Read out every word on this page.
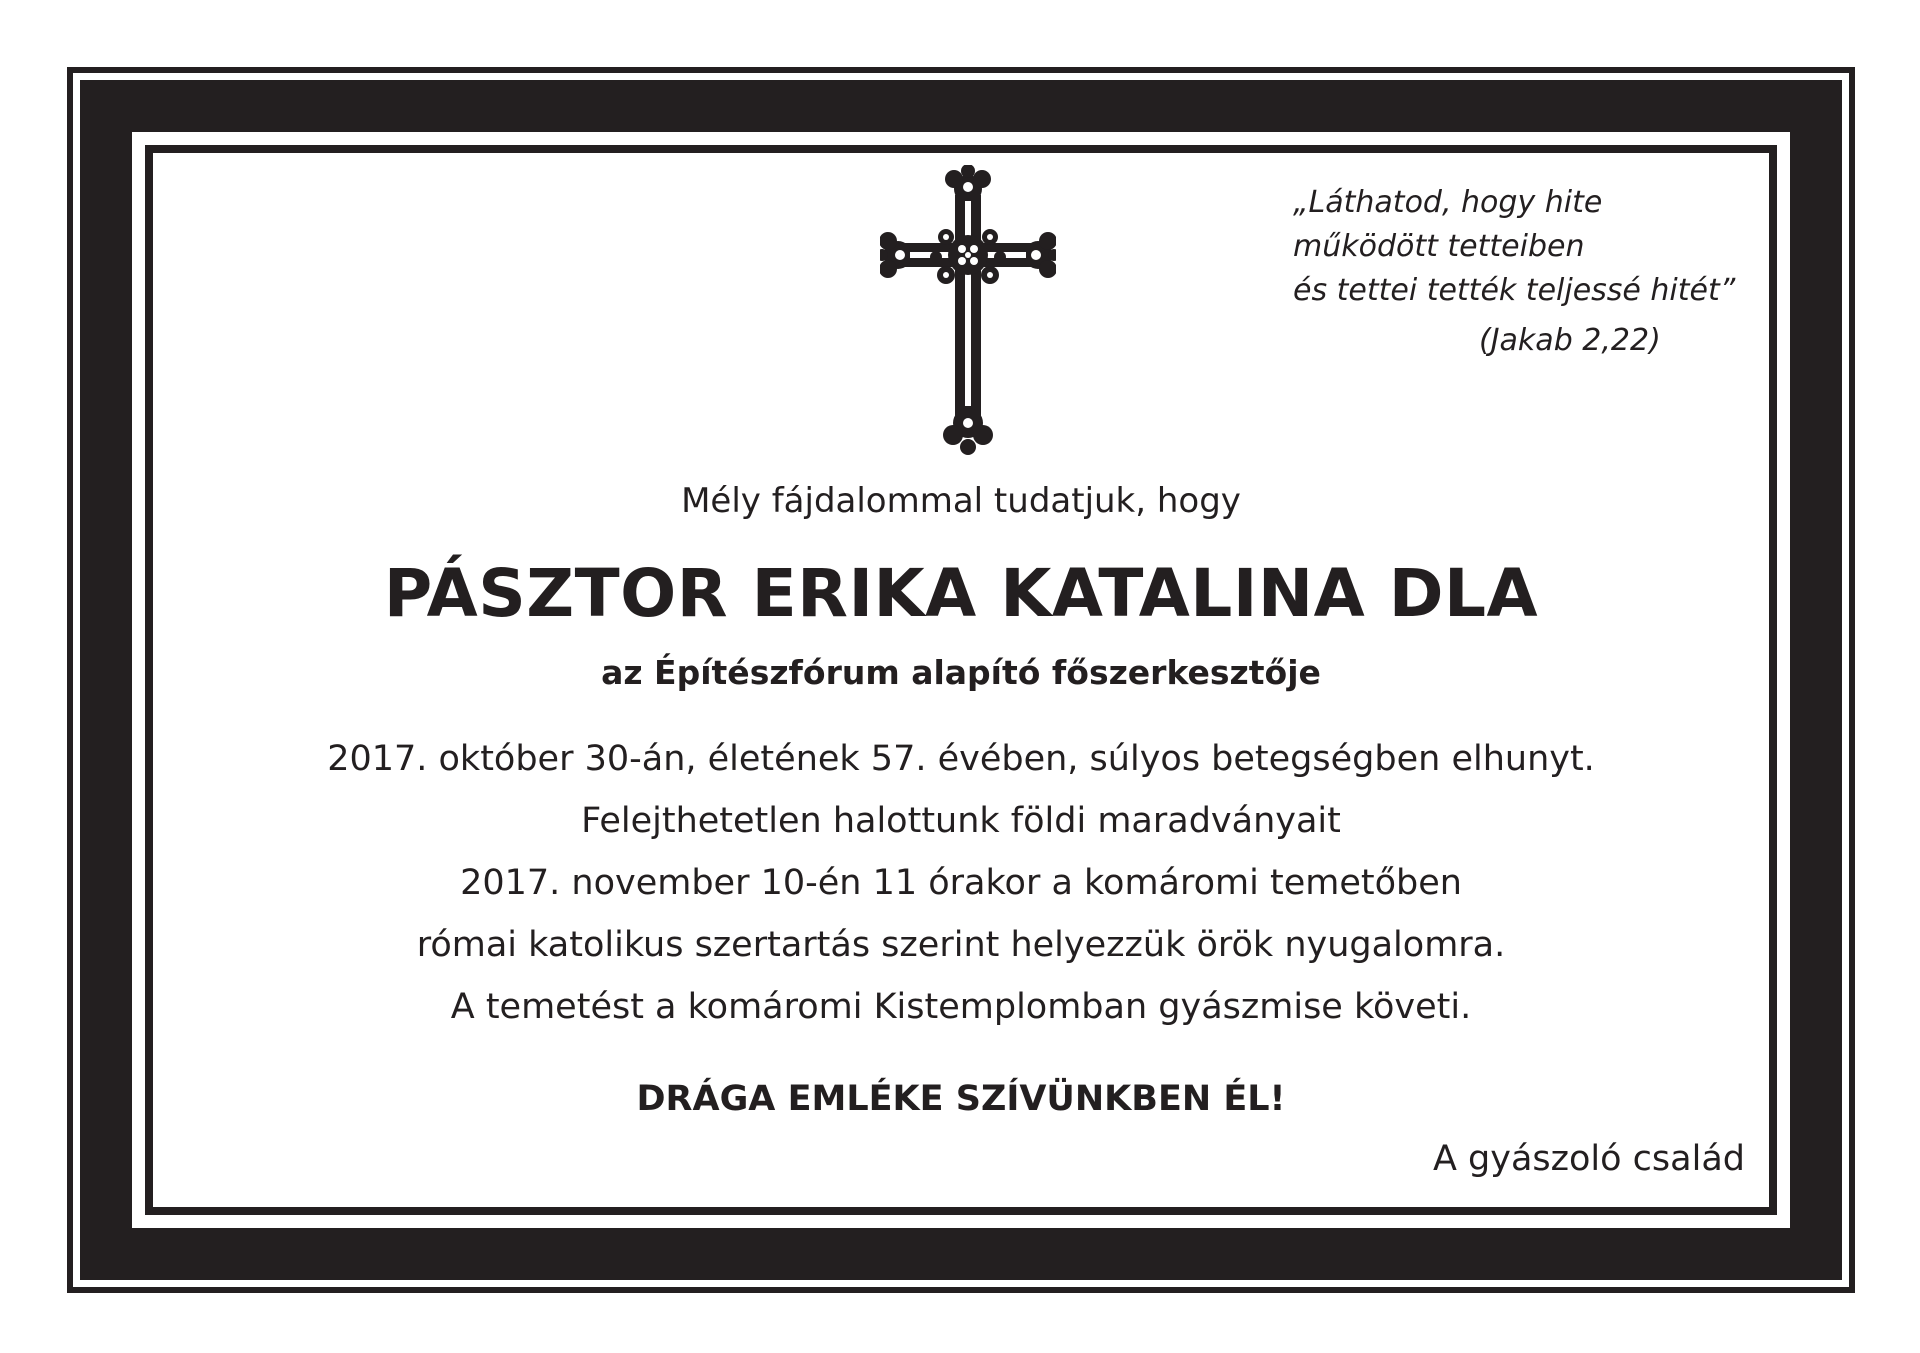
„Láthatod, hogy hite
működött tetteiben
és tettei tették teljessé hitét”
(Jakab 2,22)
Mély fájdalommal tudatjuk, hogy
PÁSZTOR ERIKA KATALINA DLA
az Építészfórum alapító főszerkesztője
2017. október 30-án, életének 57. évében, súlyos betegségben elhunyt.
Felejthetetlen halottunk földi maradványait
2017. november 10-én 11 órakor a komáromi temetőben
római katolikus szertartás szerint helyezzük örök nyugalomra.
A temetést a komáromi Kistemplomban gyászmise követi.
DRÁGA EMLÉKE SZÍVÜNKBEN ÉL!
A gyászoló család
